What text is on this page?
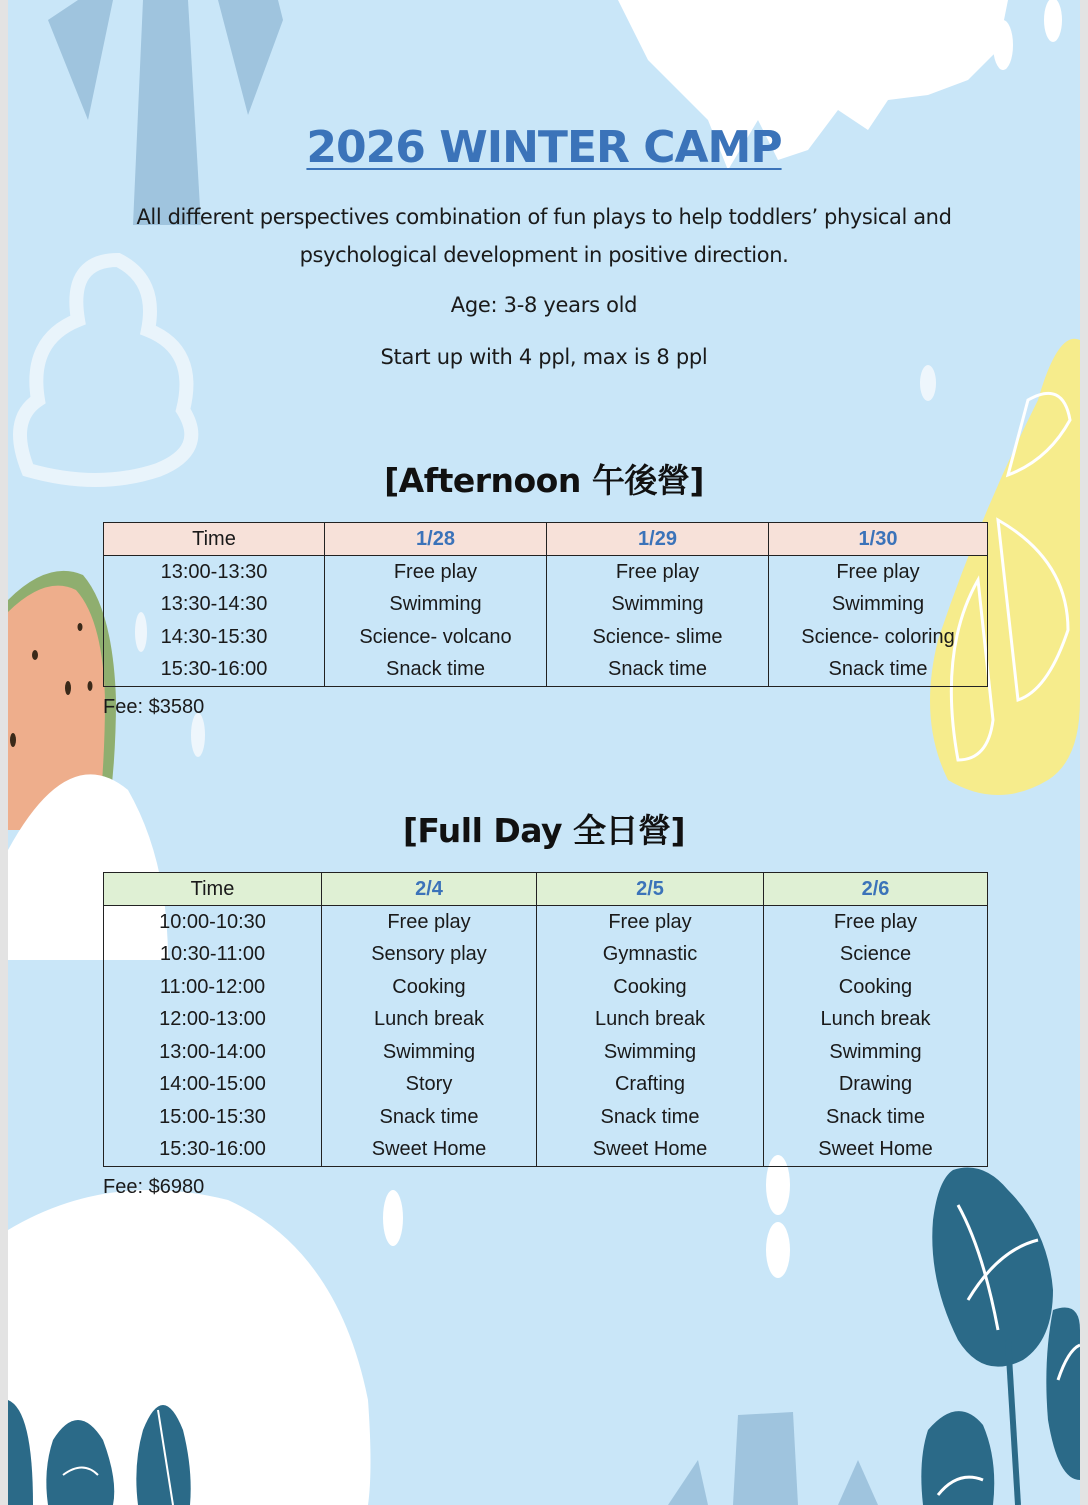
2026 WINTER CAMP
All different perspectives combination of fun plays to help toddlers’ physical and psychological development in positive direction.
Age: 3-8 years old
Start up with 4 ppl, max is 8 ppl
[Afternoon 午後營]
Time	1/28	1/29	1/30
13:00-13:30	Free play	Free play	Free play
13:30-14:30	Swimming	Swimming	Swimming
14:30-15:30	Science- volcano	Science- slime	Science- coloring
15:30-16:00	Snack time	Snack time	Snack time
Fee: $3580
[Full Day 全日營]
Time	2/4	2/5	2/6
10:00-10:30	Free play	Free play	Free play
10:30-11:00	Sensory play	Gymnastic	Science
11:00-12:00	Cooking	Cooking	Cooking
12:00-13:00	Lunch break	Lunch break	Lunch break
13:00-14:00	Swimming	Swimming	Swimming
14:00-15:00	Story	Crafting	Drawing
15:00-15:30	Snack time	Snack time	Snack time
15:30-16:00	Sweet Home	Sweet Home	Sweet Home
Fee: $6980
